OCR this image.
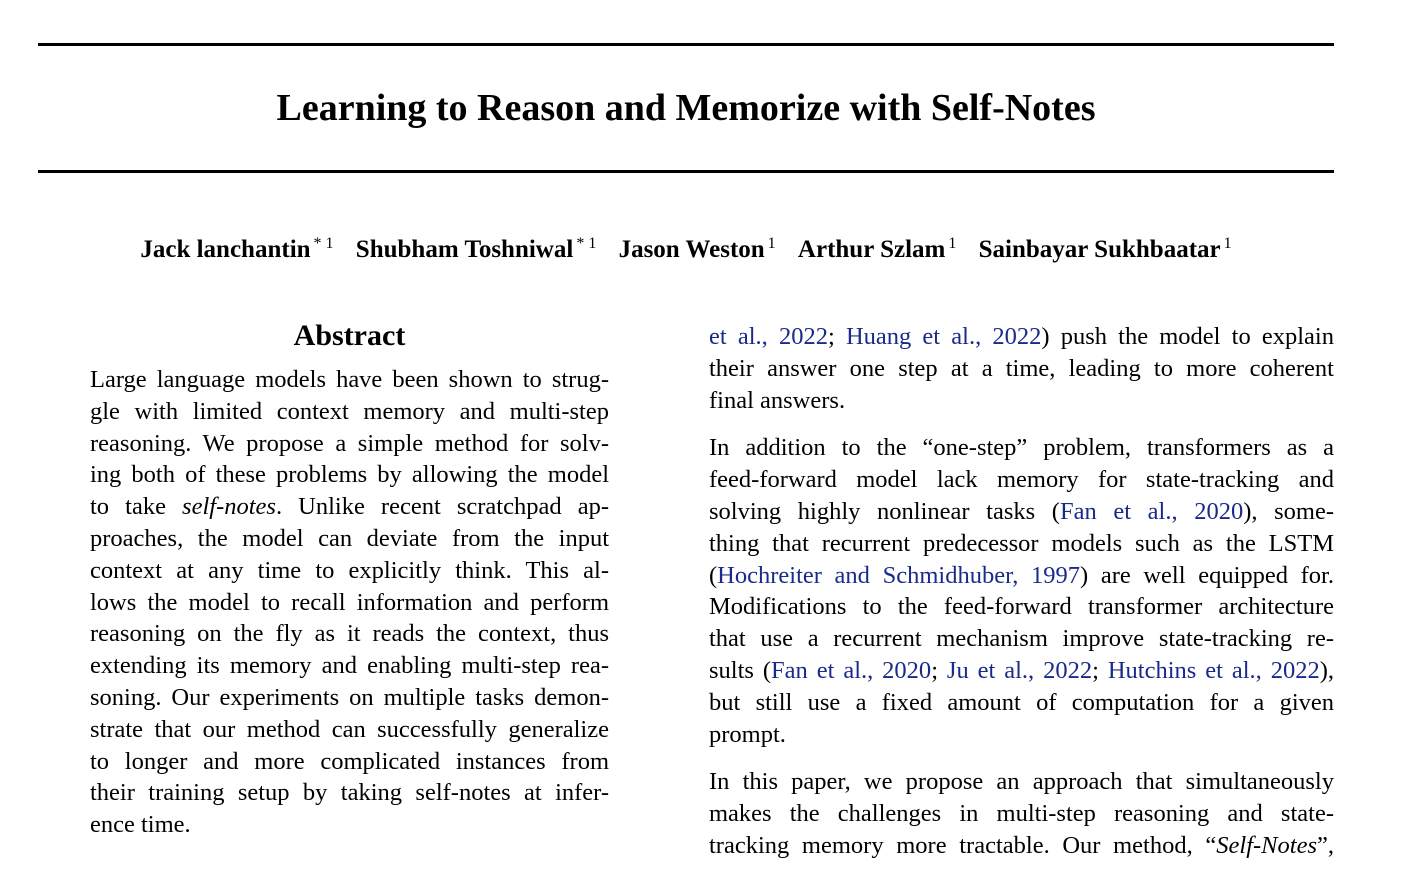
Learning to Reason and Memorize with Self-Notes
Jack lanchantin $^{* 1}$ Shubham Toshniwal $^{* 1}$ Jason Weston $^1$ Arthur Szlam $^1$ Sainbayar Sukhbaatar $^1$
Abstract
Large language models have been shown to strug-
gle with limited context memory and multi-step
reasoning. We propose a simple method for solv-
ing both of these problems by allowing the model
to take self-notes. Unlike recent scratchpad ap-
proaches, the model can deviate from the input
context at any time to explicitly think. This al-
lows the model to recall information and perform
reasoning on the fly as it reads the context, thus
extending its memory and enabling multi-step rea-
soning. Our experiments on multiple tasks demon-
strate that our method can successfully generalize
to longer and more complicated instances from
their training setup by taking self-notes at infer-
ence time.
et al., 2022; Huang et al., 2022) push the model to explain
their answer one step at a time, leading to more coherent
final answers.
In addition to the “one-step” problem, transformers as a
feed-forward model lack memory for state-tracking and
solving highly nonlinear tasks (Fan et al., 2020), some-
thing that recurrent predecessor models such as the LSTM
(Hochreiter and Schmidhuber, 1997) are well equipped for.
Modifications to the feed-forward transformer architecture
that use a recurrent mechanism improve state-tracking re-
sults (Fan et al., 2020; Ju et al., 2022; Hutchins et al., 2022),
but still use a fixed amount of computation for a given
prompt.
In this paper, we propose an approach that simultaneously
makes the challenges in multi-step reasoning and state-
tracking memory more tractable. Our method, “Self-Notes”,
